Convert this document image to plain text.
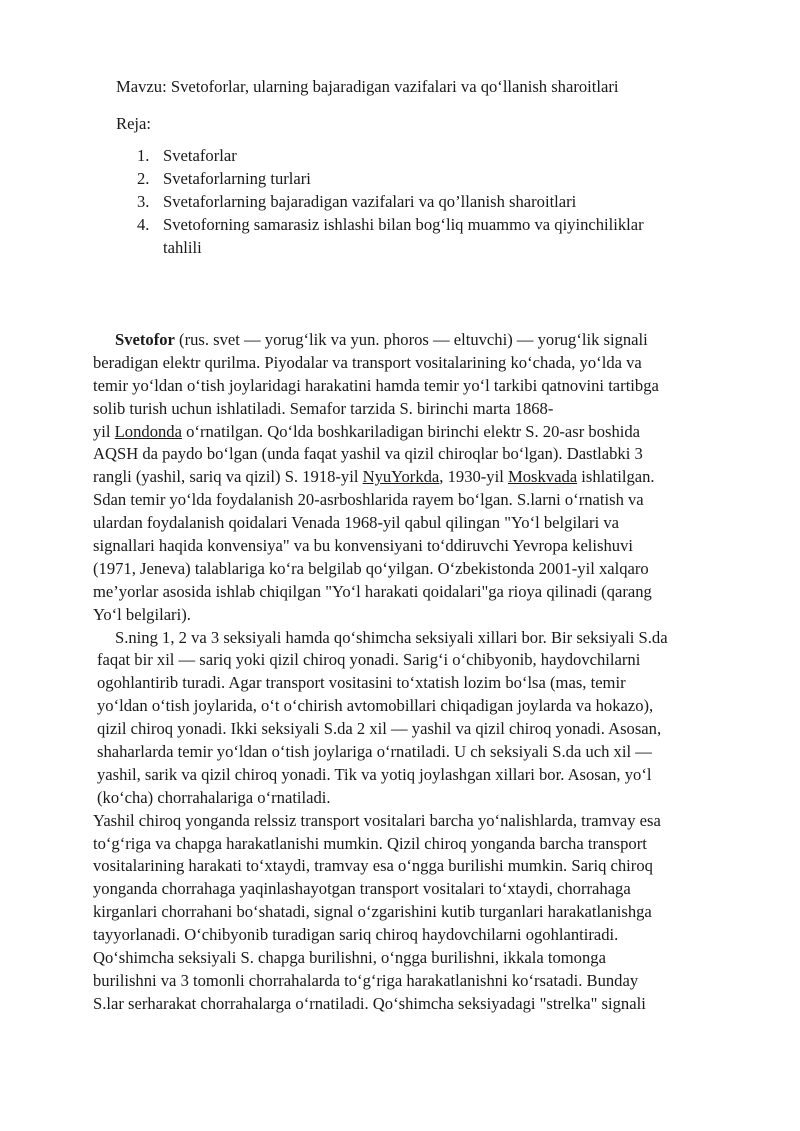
Mavzu: Svetoforlar, ularning bajaradigan vazifalari va qo‘llanish sharoitlari
Reja:
1. Svetaforlar
2. Svetaforlarning turlari
3. Svetaforlarning bajaradigan vazifalari va qo’llanish sharoitlari
4. Svetoforning samarasiz ishlashi bilan bog‘liq muammo va qiyinchiliklar
tahlili
Svetofor (rus. svet — yorug‘lik va yun. phoros — eltuvchi) — yorug‘lik signali
beradigan elektr qurilma. Piyodalar va transport vositalarining ko‘chada, yo‘lda va
temir yo‘ldan o‘tish joylaridagi harakatini hamda temir yo‘l tarkibi qatnovini tartibga
solib turish uchun ishlatiladi. Semafor tarzida S. birinchi marta 1868-
yil Londonda o‘rnatilgan. Qo‘lda boshkariladigan birinchi elektr S. 20-asr boshida
AQSH da paydo bo‘lgan (unda faqat yashil va qizil chiroqlar bo‘lgan). Dastlabki 3
rangli (yashil, sariq va qizil) S. 1918-yil NyuYorkda, 1930-yil Moskvada ishlatilgan.
Sdan temir yo‘lda foydalanish 20-asrboshlarida rayem bo‘lgan. S.larni o‘rnatish va
ulardan foydalanish qoidalari Venada 1968-yil qabul qilingan "Yo‘l belgilari va
signallari haqida konvensiya" va bu konvensiyani to‘ddiruvchi Yevropa kelishuvi
(1971, Jeneva) talablariga ko‘ra belgilab qo‘yilgan. O‘zbekistonda 2001-yil xalqaro
me’yorlar asosida ishlab chiqilgan "Yo‘l harakati qoidalari"ga rioya qilinadi (qarang
Yo‘l belgilari).
S.ning 1, 2 va 3 seksiyali hamda qo‘shimcha seksiyali xillari bor. Bir seksiyali S.da
faqat bir xil — sariq yoki qizil chiroq yonadi. Sarig‘i o‘chibyonib, haydovchilarni
ogohlantirib turadi. Agar transport vositasini to‘xtatish lozim bo‘lsa (mas, temir
yo‘ldan o‘tish joylarida, o‘t o‘chirish avtomobillari chiqadigan joylarda va hokazo),
qizil chiroq yonadi. Ikki seksiyali S.da 2 xil — yashil va qizil chiroq yonadi. Asosan,
shaharlarda temir yo‘ldan o‘tish joylariga o‘rnatiladi. U ch seksiyali S.da uch xil —
yashil, sarik va qizil chiroq yonadi. Tik va yotiq joylashgan xillari bor. Asosan, yo‘l
(ko‘cha) chorrahalariga o‘rnatiladi.
Yashil chiroq yonganda relssiz transport vositalari barcha yo‘nalishlarda, tramvay esa
to‘g‘riga va chapga harakatlanishi mumkin. Qizil chiroq yonganda barcha transport
vositalarining harakati to‘xtaydi, tramvay esa o‘ngga burilishi mumkin. Sariq chiroq
yonganda chorrahaga yaqinlashayotgan transport vositalari to‘xtaydi, chorrahaga
kirganlari chorrahani bo‘shatadi, signal o‘zgarishini kutib turganlari harakatlanishga
tayyorlanadi. O‘chibyonib turadigan sariq chiroq haydovchilarni ogohlantiradi.
Qo‘shimcha seksiyali S. chapga burilishni, o‘ngga burilishni, ikkala tomonga
burilishni va 3 tomonli chorrahalarda to‘g‘riga harakatlanishni ko‘rsatadi. Bunday
S.lar serharakat chorrahalarga o‘rnatiladi. Qo‘shimcha seksiyadagi "strelka" signali
